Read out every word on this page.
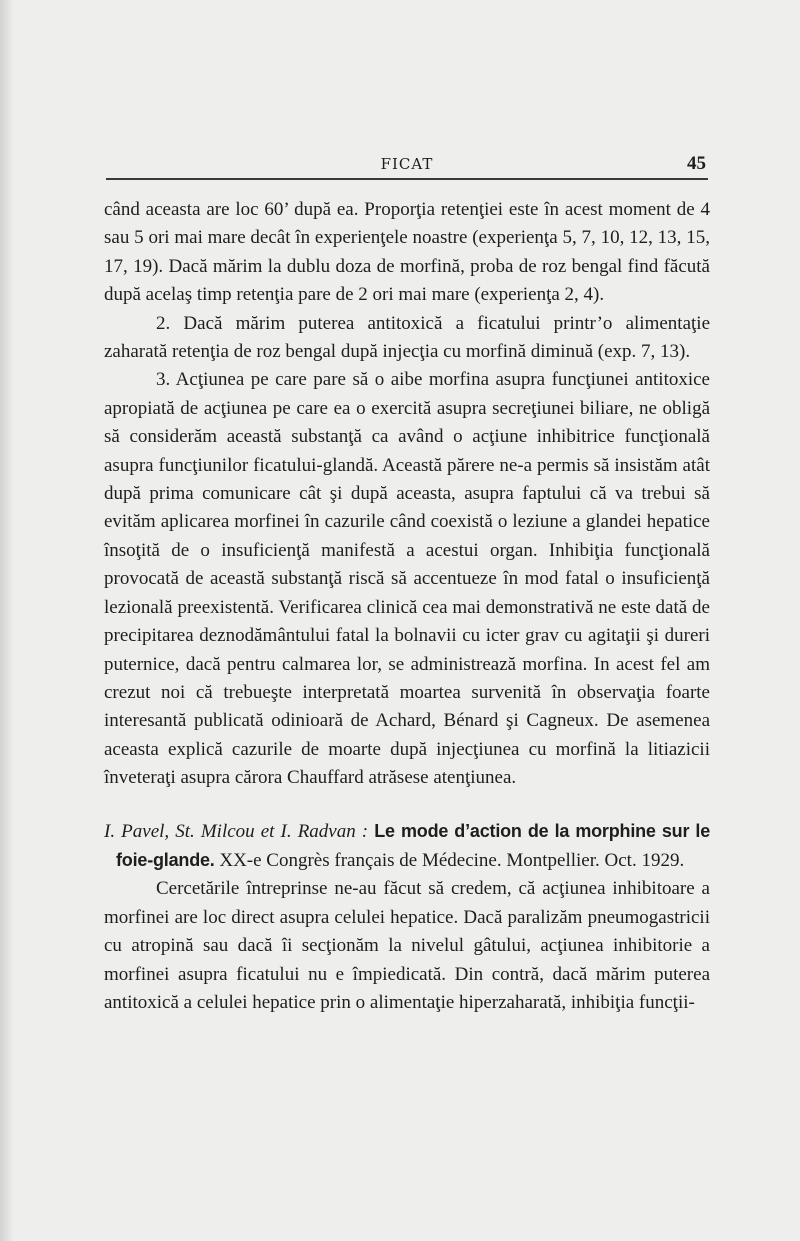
FICAT	45

când aceasta are loc 60’ după ea. Proporţia retenţiei este în acest moment de 4 sau 5 ori mai mare decât în experienţele noastre (experienţa 5, 7, 10, 12, 13, 15, 17, 19). Dacă mărim la dublu doza de morfină, proba de roz bengal find făcută după acelaş timp retenţia pare de 2 ori mai mare (experienţa 2, 4).

2. Dacă mărim puterea antitoxică a ficatului printr’o alimentaţie zaharată retenţia de roz bengal după injecţia cu morfină diminuă (exp. 7, 13).

3. Acţiunea pe care pare să o aibe morfina asupra funcţiunei antitoxice apropiată de acţiunea pe care ea o exercită asupra secreţiunei biliare, ne obligă să considerăm această substanţă ca având o acţiune inhibitrice funcţională asupra funcţiunilor ficatului-glandă. Această părere ne-a permis să insistăm atât după prima comunicare cât şi după aceasta, asupra faptului că va trebui să evităm aplicarea morfinei în cazurile când coexistă o leziune a glandei hepatice însoţită de o insuficienţă manifestă a acestui organ. Inhibiţia funcţională provocată de această substanţă riscă să accentueze în mod fatal o insuficienţă lezională preexistentă. Verificarea clinică cea mai demonstrativă ne este dată de precipitarea deznodământului fatal la bolnavii cu icter grav cu agitaţii şi dureri puternice, dacă pentru calmarea lor, se administrează morfina. In acest fel am crezut noi că trebueşte interpretată moartea survenită în observaţia foarte interesantă publicată odinioară de Achard, Bénard şi Cagneux. De asemenea aceasta explică cazurile de moarte după injecţiunea cu morfină la litiazicii înveteraţi asupra cărora Chauffard atrăsese atenţiunea.

I. Pavel, St. Milcou et I. Radvan : Le mode d’action de la morphine sur le foie-glande. XX-e Congrès français de Médecine. Montpellier. Oct. 1929.

Cercetările întreprinse ne-au făcut să credem, că acţiunea inhibitoare a morfinei are loc direct asupra celulei hepatice. Dacă paralizăm pneumogastricii cu atropină sau dacă îi secţionăm la nivelul gâtului, acţiunea inhibitorie a morfinei asupra ficatului nu e împiedicată. Din contră, dacă mărim puterea antitoxică a celulei hepatice prin o alimentaţie hiperzaharată, inhibiţia funcţii-
